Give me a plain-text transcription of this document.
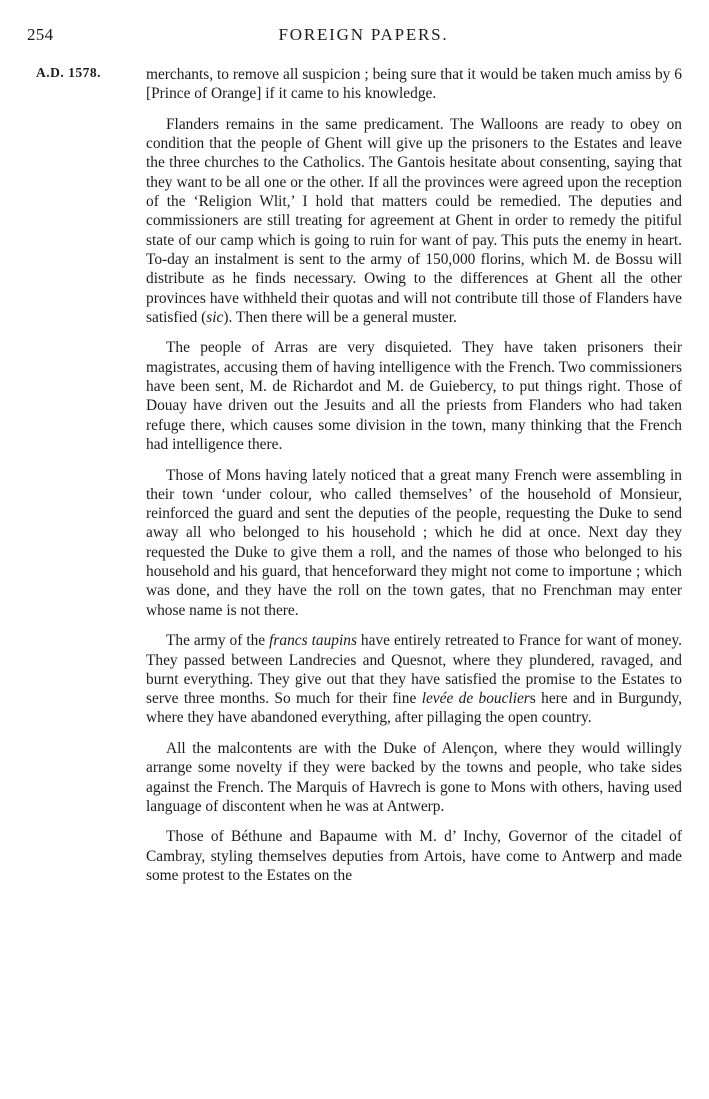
254	FOREIGN PAPERS.
A.D. 1578.	merchants, to remove all suspicion ; being sure that it would be taken much amiss by 6 [Prince of Orange] if it came to his knowledge.

Flanders remains in the same predicament. The Walloons are ready to obey on condition that the people of Ghent will give up the prisoners to the Estates and leave the three churches to the Catholics. The Gantois hesitate about consenting, saying that they want to be all one or the other. If all the provinces were agreed upon the reception of the ‘Religion Wlit,’ I hold that matters could be remedied. The deputies and commissioners are still treating for agreement at Ghent in order to remedy the pitiful state of our camp which is going to ruin for want of pay. This puts the enemy in heart. To-day an instalment is sent to the army of 150,000 florins, which M. de Bossu will distribute as he finds necessary. Owing to the differences at Ghent all the other provinces have withheld their quotas and will not contribute till those of Flanders have satisfied (sic). Then there will be a general muster.

The people of Arras are very disquieted. They have taken prisoners their magistrates, accusing them of having intelligence with the French. Two commissioners have been sent, M. de Richardot and M. de Guiebercy, to put things right. Those of Douay have driven out the Jesuits and all the priests from Flanders who had taken refuge there, which causes some division in the town, many thinking that the French had intelligence there.

Those of Mons having lately noticed that a great many French were assembling in their town ‘under colour, who called themselves’ of the household of Monsieur, reinforced the guard and sent the deputies of the people, requesting the Duke to send away all who belonged to his household ; which he did at once. Next day they requested the Duke to give them a roll, and the names of those who belonged to his household and his guard, that henceforward they might not come to importune ; which was done, and they have the roll on the town gates, that no Frenchman may enter whose name is not there.

The army of the francs taupins have entirely retreated to France for want of money. They passed between Landrecies and Quesnot, where they plundered, ravaged, and burnt everything. They give out that they have satisfied the promise to the Estates to serve three months. So much for their fine levée de boucliers here and in Burgundy, where they have abandoned everything, after pillaging the open country.

All the malcontents are with the Duke of Alençon, where they would willingly arrange some novelty if they were backed by the towns and people, who take sides against the French. The Marquis of Havrech is gone to Mons with others, having used language of discontent when he was at Antwerp.

Those of Béthune and Bapaume with M. d’ Inchy, Governor of the citadel of Cambray, styling themselves deputies from Artois, have come to Antwerp and made some protest to the Estates on the
